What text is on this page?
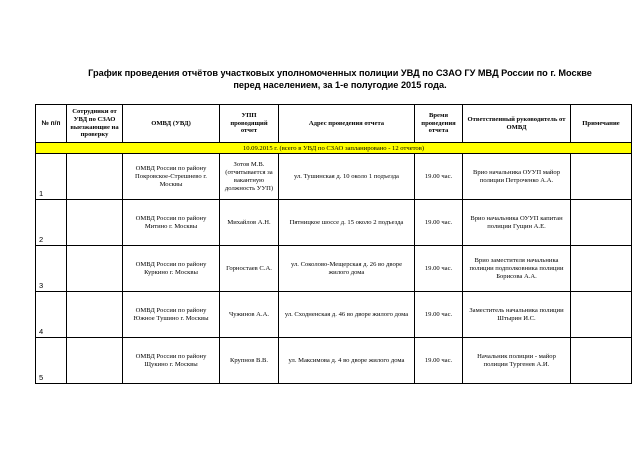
График проведения отчётов участковых уполномоченных полиции УВД по СЗАО ГУ МВД России по г. Москве
перед населением, за 1-е полугодие 2015 года.
№ п/п	Сотрудники от УВД по СЗАО выезжающие на проверку	ОМВД (УВД)	УПП проводящий отчет	Адрес проведения отчета	Время проведения отчета	Ответственный руководитель от ОМВД	Примечание
10.09.2015 г. (всего в УВД по СЗАО запланировано - 12 отчетов)							
1		ОМВД России по району Покровское-Стрешнево г. Москвы	Зотов М.В. (отчитывается за вакантную должность УУП)	ул. Тушинская д. 10 около 1 подъезда	19.00 час.	Врио начальника ОУУП майор полиции Петроченко А.А.	
2		ОМВД России по району Митино г. Москвы	Михайлов А.Н.	Пятницкое шоссе д. 15 около 2 подъезда	19.00 час.	Врио начальника ОУУП капитан полиции Гущин А.Е.	
3		ОМВД России по району Куркино г. Москвы	Горностаев С.А.	ул. Соколово-Мещерская д. 26 во дворе жилого дома	19.00 час.	Врио заместителя начальника полиции подполковника полиции Борисова А.А.	
4		ОМВД России по району Южное Тушино г. Москвы	Чужинов А.А.	ул. Сходненская д. 46 во дворе жилого дома	19.00 час.	Заместитель начальника полиции Штырин И.С.	
5		ОМВД России по району Щукино г. Москвы	Крупнов В.В.	ул. Максимова д. 4 во дворе жилого дома	19.00 час.	Начальник полиции - майор полиции Тургенев А.И.	
